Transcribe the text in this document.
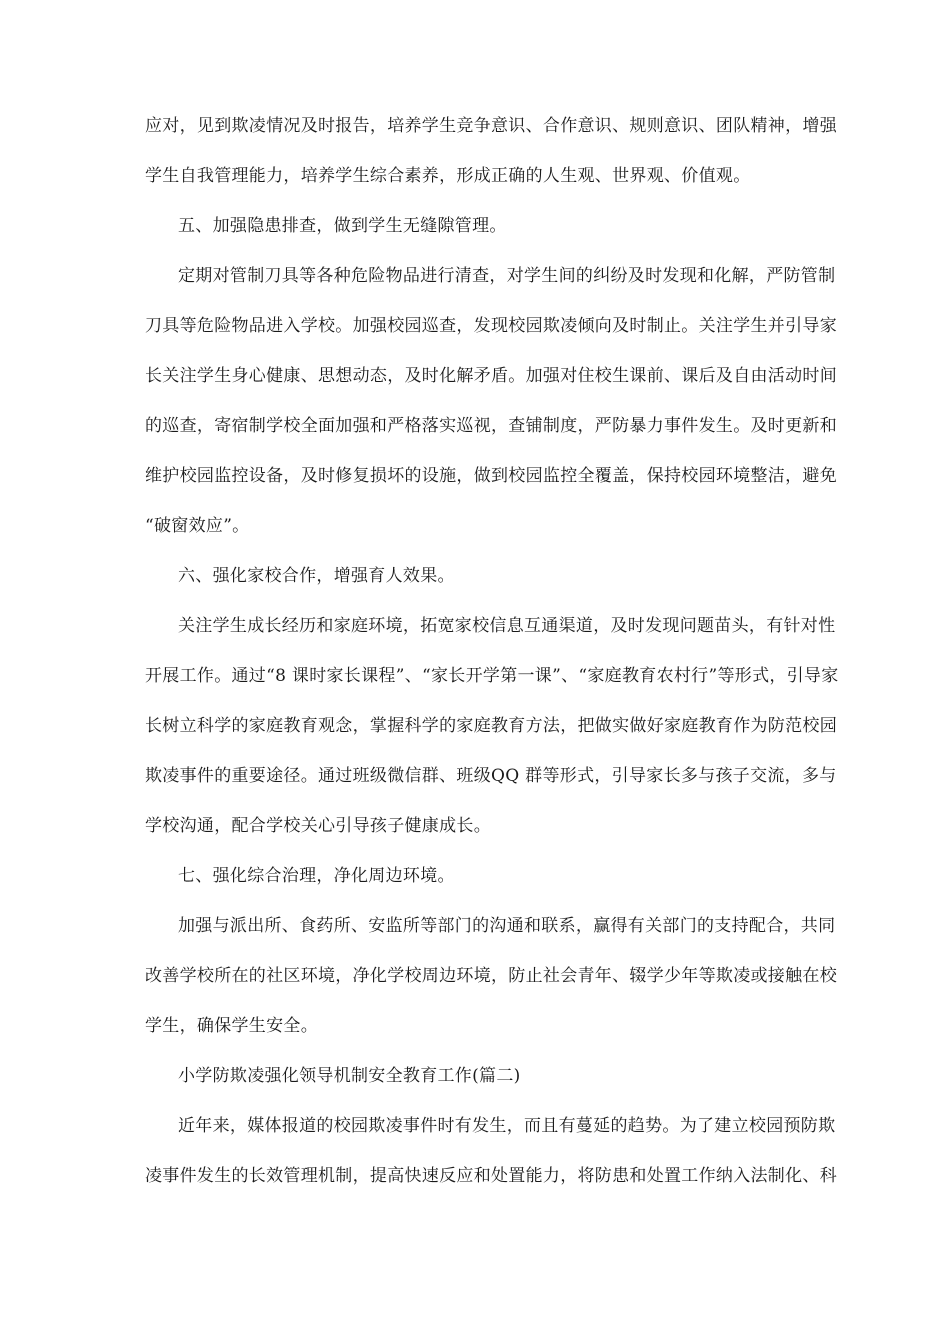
应对，见到欺凌情况及时报告，培养学生竞争意识、合作意识、规则意识、团队精神，增强
学生自我管理能力，培养学生综合素养，形成正确的人生观、世界观、价值观。
五、加强隐患排查，做到学生无缝隙管理。
定期对管制刀具等各种危险物品进行清查，对学生间的纠纷及时发现和化解，严防管制
刀具等危险物品进入学校。加强校园巡查，发现校园欺凌倾向及时制止。关注学生并引导家
长关注学生身心健康、思想动态，及时化解矛盾。加强对住校生课前、课后及自由活动时间
的巡查，寄宿制学校全面加强和严格落实巡视，查铺制度，严防暴力事件发生。及时更新和
维护校园监控设备，及时修复损坏的设施，做到校园监控全覆盖，保持校园环境整洁，避免
“破窗效应”。
六、强化家校合作，增强育人效果。
关注学生成长经历和家庭环境，拓宽家校信息互通渠道，及时发现问题苗头，有针对性
开展工作。通过“8 课时家长课程”、“家长开学第一课”、“家庭教育农村行”等形式，引导家
长树立科学的家庭教育观念，掌握科学的家庭教育方法，把做实做好家庭教育作为防范校园
欺凌事件的重要途径。通过班级微信群、班级QQ 群等形式，引导家长多与孩子交流，多与
学校沟通，配合学校关心引导孩子健康成长。
七、强化综合治理，净化周边环境。
加强与派出所、食药所、安监所等部门的沟通和联系，赢得有关部门的支持配合，共同
改善学校所在的社区环境，净化学校周边环境，防止社会青年、辍学少年等欺凌或接触在校
学生，确保学生安全。
小学防欺凌强化领导机制安全教育工作(篇二)
近年来，媒体报道的校园欺凌事件时有发生，而且有蔓延的趋势。为了建立校园预防欺
凌事件发生的长效管理机制，提高快速反应和处置能力，将防患和处置工作纳入法制化、科
